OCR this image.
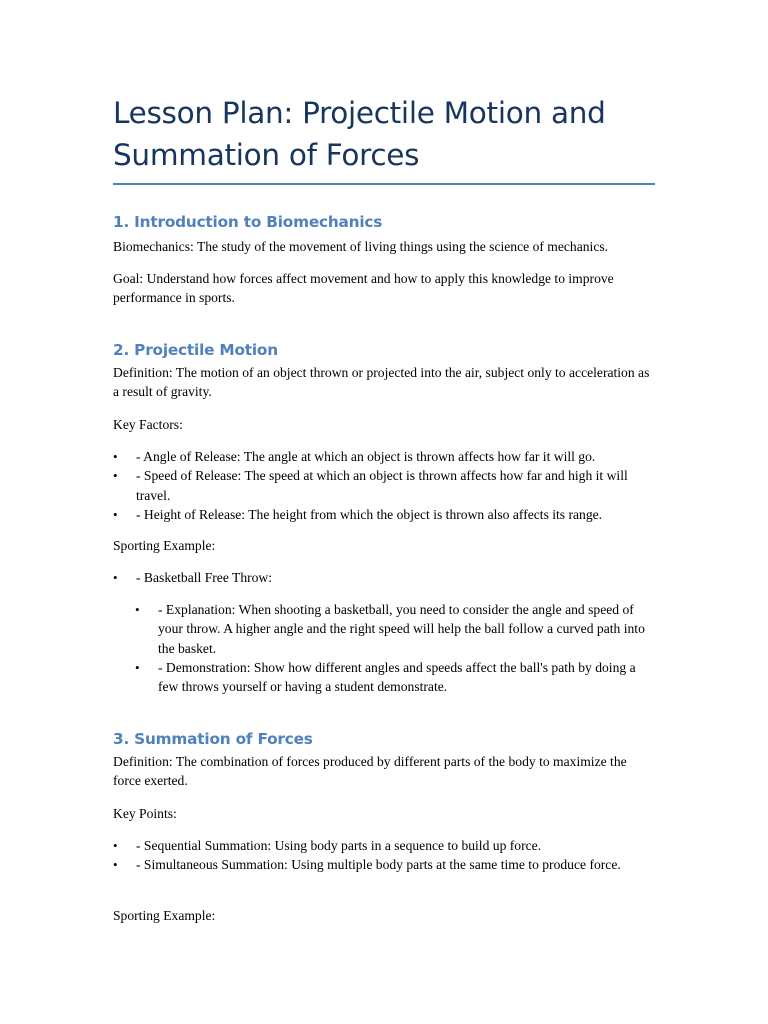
Lesson Plan: Projectile Motion and Summation of Forces
1. Introduction to Biomechanics

Biomechanics: The study of the movement of living things using the science of mechanics.

Goal: Understand how forces affect movement and how to apply this knowledge to improve performance in sports.

2. Projectile Motion

Definition: The motion of an object thrown or projected into the air, subject only to acceleration as a result of gravity.

Key Factors:

• - Angle of Release: The angle at which an object is thrown affects how far it will go.
• - Speed of Release: The speed at which an object is thrown affects how far and high it will travel.
• - Height of Release: The height from which the object is thrown also affects its range.

Sporting Example:

• - Basketball Free Throw:
• - Explanation: When shooting a basketball, you need to consider the angle and speed of your throw. A higher angle and the right speed will help the ball follow a curved path into the basket.
• - Demonstration: Show how different angles and speeds affect the ball's path by doing a few throws yourself or having a student demonstrate.
3. Summation of Forces

Definition: The combination of forces produced by different parts of the body to maximize the force exerted.

Key Points:

• - Sequential Summation: Using body parts in a sequence to build up force.
• - Simultaneous Summation: Using multiple body parts at the same time to produce force.

Sporting Example:
